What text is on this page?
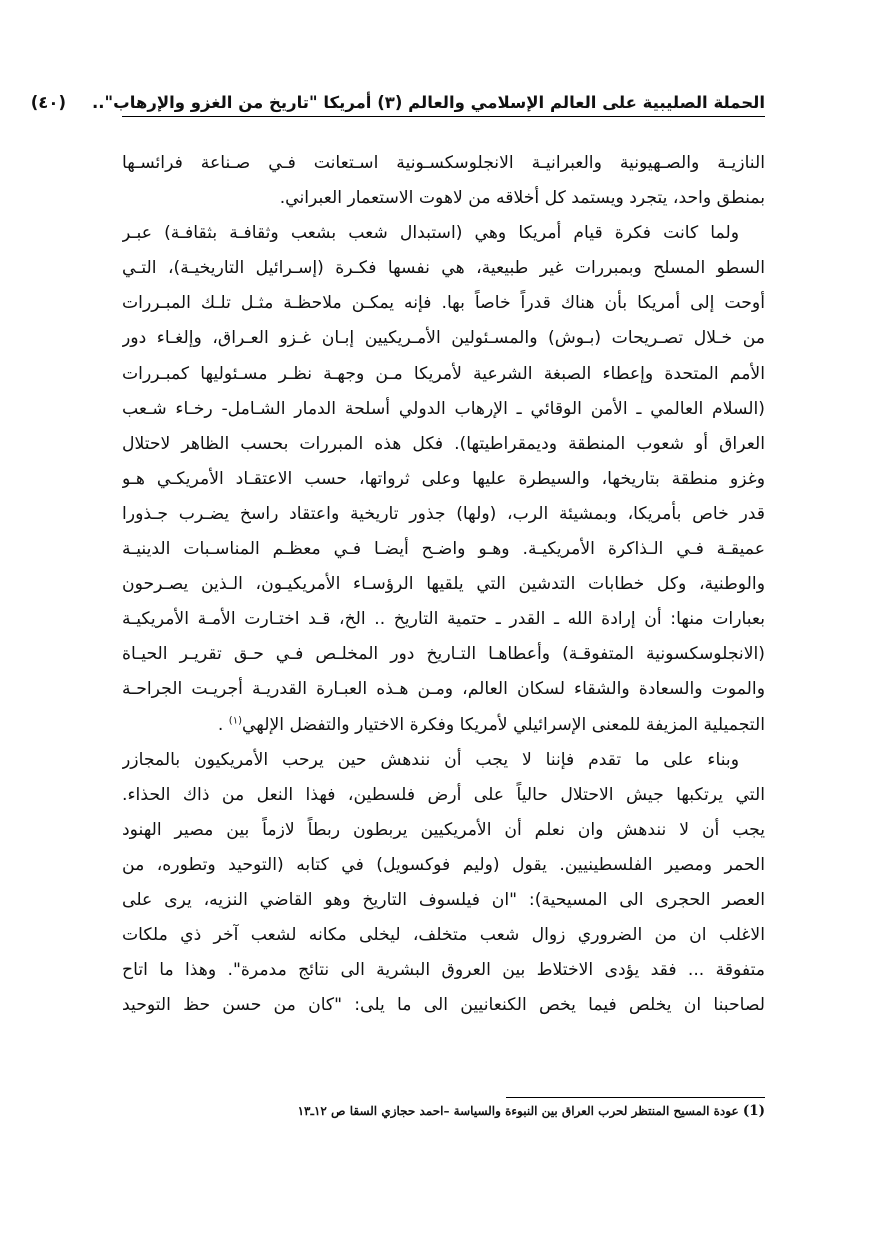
الحملة الصليبية على العالم الإسلامي والعالم (٣) أمريكا "تاريخ من الغزو والإرهاب"..
(٤٠)
النازيـة والصـهيونية والعبرانيـة الانجلوسكسـونية اسـتعانت فـي صـناعة فرائسـها
بمنطق واحد، يتجرد ويستمد كل أخلاقه من لاهوت الاستعمار العبراني.
ولما كانت فكرة قيام أمريكا وهي (استبدال شعب بشعب وثقافـة بثقافـة) عبـر
السطو المسلح وبمبررات غير طبيعية، هي نفسها فكـرة (إسـرائيل التاريخيـة)، التـي
أوحت إلى أمريكا بأن هناك قدراً خاصاً بها. فإنه يمكـن ملاحظـة مثـل تلـك المبـررات
من خـلال تصـريحات (بـوش) والمسـئولين الأمـريكيين إبـان غـزو العـراق، وإلغـاء دور
الأمم المتحدة وإعطاء الصبغة الشرعية لأمريكا مـن وجهـة نظـر مسـئوليها كمبـررات
(السلام العالمي ـ الأمن الوقائي ـ الإرهاب الدولي أسلحة الدمار الشـامل- رخـاء شـعب
العراق أو شعوب المنطقة وديمقراطيتها). فكل هذه المبررات بحسب الظاهر لاحتلال
وغزو منطقة بتاريخها، والسيطرة عليها وعلى ثرواتها، حسب الاعتقـاد الأمريكـي هـو
قدر خاص بأمريكا، وبمشيئة الرب، (ولها) جذور تاريخية واعتقاد راسخ يضـرب جـذورا
عميقـة فـي الـذاكرة الأمريكيـة. وهـو واضـح أيضـا فـي معظـم المناسـبات الدينيـة
والوطنية، وكل خطابات التدشين التي يلقيها الرؤسـاء الأمريكيـون، الـذين يصـرحون
بعبارات منها: أن إرادة الله ـ القدر ـ حتمية التاريخ .. الخ، قـد اختـارت الأمـة الأمريكيـة
(الانجلوسكسونية المتفوقـة) وأعطاهـا التـاريخ دور المخلـص فـي حـق تقريـر الحيـاة
والموت والسعادة والشقاء لسكان العالم، ومـن هـذه العبـارة القدريـة أجريـت الجراحـة
التجميلية المزيفة للمعنى الإسرائيلي لأمريكا وفكرة الاختيار والتفضل الإلهي$^{(١)}$ .
وبناء على ما تقدم فإننا لا يجب أن نندهش حين يرحب الأمريكيون بالمجازر
التي يرتكبها جيش الاحتلال حالياً على أرض فلسطين، فهذا النعل من ذاك الحذاء.
يجب أن لا نندهش وان نعلم أن الأمريكيين يربطون ربطاً لازماً بين مصير الهنود
الحمر ومصير الفلسطينيين. يقول (وليم فوكسويل) في كتابه (التوحيد وتطوره، من
العصر الحجرى الى المسيحية): "ان فيلسوف التاريخ وهو القاضي النزيه، يرى على
الاغلب ان من الضروري زوال شعب متخلف، ليخلى مكانه لشعب آخر ذي ملكات
متفوقة ... فقد يؤدى الاختلاط بين العروق البشرية الى نتائج مدمرة". وهذا ما اتاح
لصاحبنا ان يخلص فيما يخص الكنعانيين الى ما يلى: "كان من حسن حظ التوحيد
(1) عودة المسيح المنتظر لحرب العراق بين النبوءة والسياسة –احمد حجازي السقا ص ١٢ـ١٣
